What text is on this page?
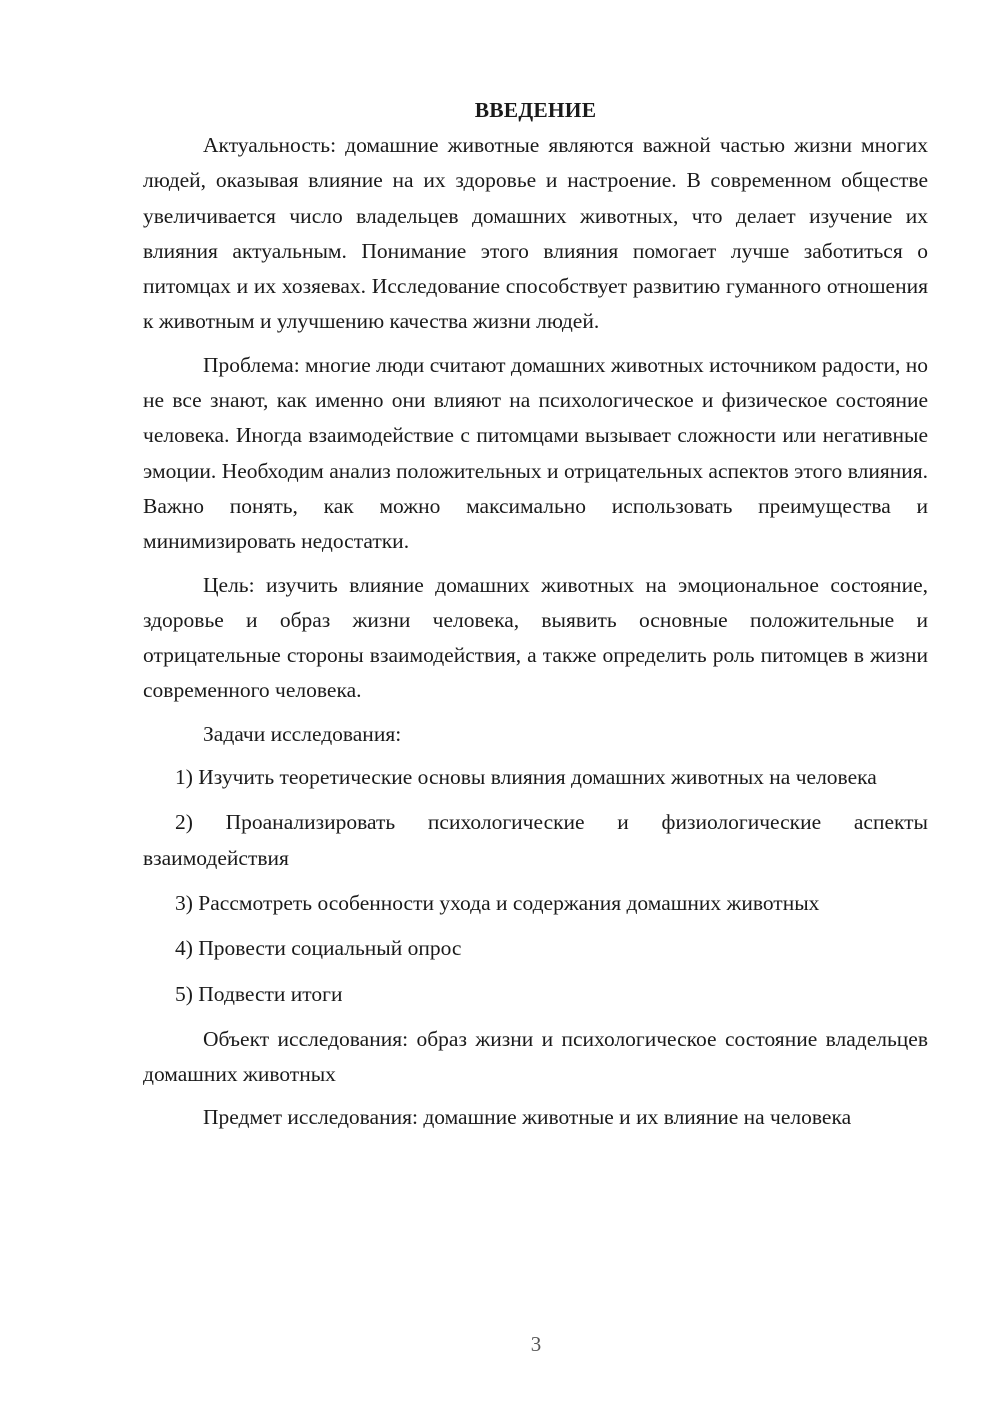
ВВЕДЕНИЕ

Актуальность: домашние животные являются важной частью жизни многих людей, оказывая влияние на их здоровье и настроение. В современном обществе увеличивается число владельцев домашних животных, что делает изучение их влияния актуальным. Понимание этого влияния помогает лучше заботиться о питомцах и их хозяевах. Исследование способствует развитию гуманного отношения к животным и улучшению качества жизни людей.

Проблема: многие люди считают домашних животных источником радости, но не все знают, как именно они влияют на психологическое и физическое состояние человека. Иногда взаимодействие с питомцами вызывает сложности или негативные эмоции. Необходим анализ положительных и отрицательных аспектов этого влияния. Важно понять, как можно максимально использовать преимущества и минимизировать недостатки.

Цель: изучить влияние домашних животных на эмоциональное состояние, здоровье и образ жизни человека, выявить основные положительные и отрицательные стороны взаимодействия, а также определить роль питомцев в жизни современного человека.

Задачи исследования:

1) Изучить теоретические основы влияния домашних животных на человека

2) Проанализировать психологические и физиологические аспекты взаимодействия

3) Рассмотреть особенности ухода и содержания домашних животных

4) Провести социальный опрос

5) Подвести итоги

Объект исследования: образ жизни и психологическое состояние владельцев домашних животных

Предмет исследования: домашние животные и их влияние на человека

3
